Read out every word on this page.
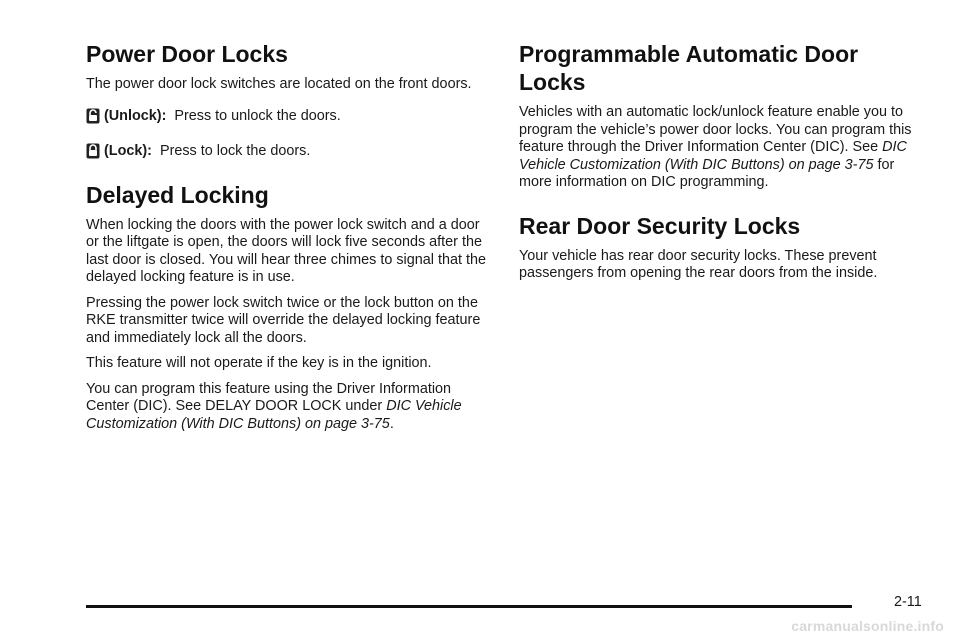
Power Door Locks

The power door lock switches are located on the front doors.

(Unlock): Press to unlock the doors.
(Lock): Press to lock the doors.
Delayed Locking

When locking the doors with the power lock switch and a door or the liftgate is open, the doors will lock five seconds after the last door is closed. You will hear three chimes to signal that the delayed locking feature is in use.

Pressing the power lock switch twice or the lock button on the RKE transmitter twice will override the delayed locking feature and immediately lock all the doors.

This feature will not operate if the key is in the ignition.

You can program this feature using the Driver Information Center (DIC). See DELAY DOOR LOCK under DIC Vehicle Customization (With DIC Buttons) on page 3-75.

Programmable Automatic Door Locks

Vehicles with an automatic lock/unlock feature enable you to program the vehicle’s power door locks. You can program this feature through the Driver Information Center (DIC). See DIC Vehicle Customization (With DIC Buttons) on page 3-75 for more information on DIC programming.

Rear Door Security Locks

Your vehicle has rear door security locks. These prevent passengers from opening the rear doors from the inside.

2-11
carmanualsonline.info
